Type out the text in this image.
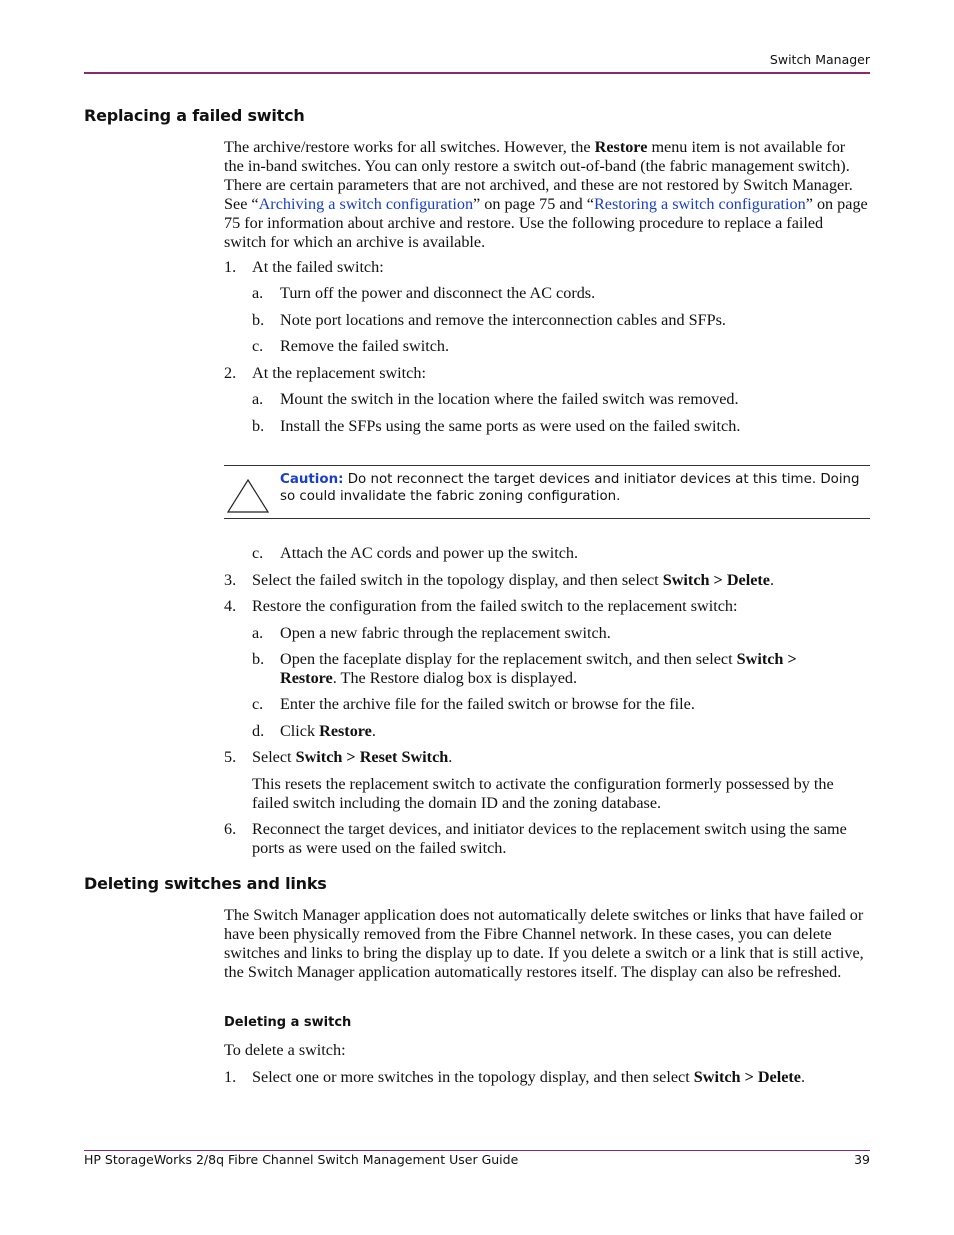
Switch Manager
Replacing a failed switch
The archive/restore works for all switches. However, the Restore menu item is not available for the in-band switches. You can only restore a switch out-of-band (the fabric management switch). There are certain parameters that are not archived, and these are not restored by Switch Manager. See “Archiving a switch configuration” on page 75 and “Restoring a switch configuration” on page 75 for information about archive and restore. Use the following procedure to replace a failed switch for which an archive is available.
1. At the failed switch:
a. Turn off the power and disconnect the AC cords.
b. Note port locations and remove the interconnection cables and SFPs.
c. Remove the failed switch.
2. At the replacement switch:
a. Mount the switch in the location where the failed switch was removed.
b. Install the SFPs using the same ports as were used on the failed switch.
Caution: Do not reconnect the target devices and initiator devices at this time. Doing so could invalidate the fabric zoning configuration.
c. Attach the AC cords and power up the switch.
3. Select the failed switch in the topology display, and then select Switch > Delete.
4. Restore the configuration from the failed switch to the replacement switch:
a. Open a new fabric through the replacement switch.
b. Open the faceplate display for the replacement switch, and then select Switch > Restore. The Restore dialog box is displayed.
c. Enter the archive file for the failed switch or browse for the file.
d. Click Restore.
5. Select Switch > Reset Switch.
This resets the replacement switch to activate the configuration formerly possessed by the failed switch including the domain ID and the zoning database.
6. Reconnect the target devices, and initiator devices to the replacement switch using the same ports as were used on the failed switch.
Deleting switches and links
The Switch Manager application does not automatically delete switches or links that have failed or have been physically removed from the Fibre Channel network. In these cases, you can delete switches and links to bring the display up to date. If you delete a switch or a link that is still active, the Switch Manager application automatically restores itself. The display can also be refreshed.
Deleting a switch
To delete a switch:
1. Select one or more switches in the topology display, and then select Switch > Delete.
HP StorageWorks 2/8q Fibre Channel Switch Management User Guide	39
